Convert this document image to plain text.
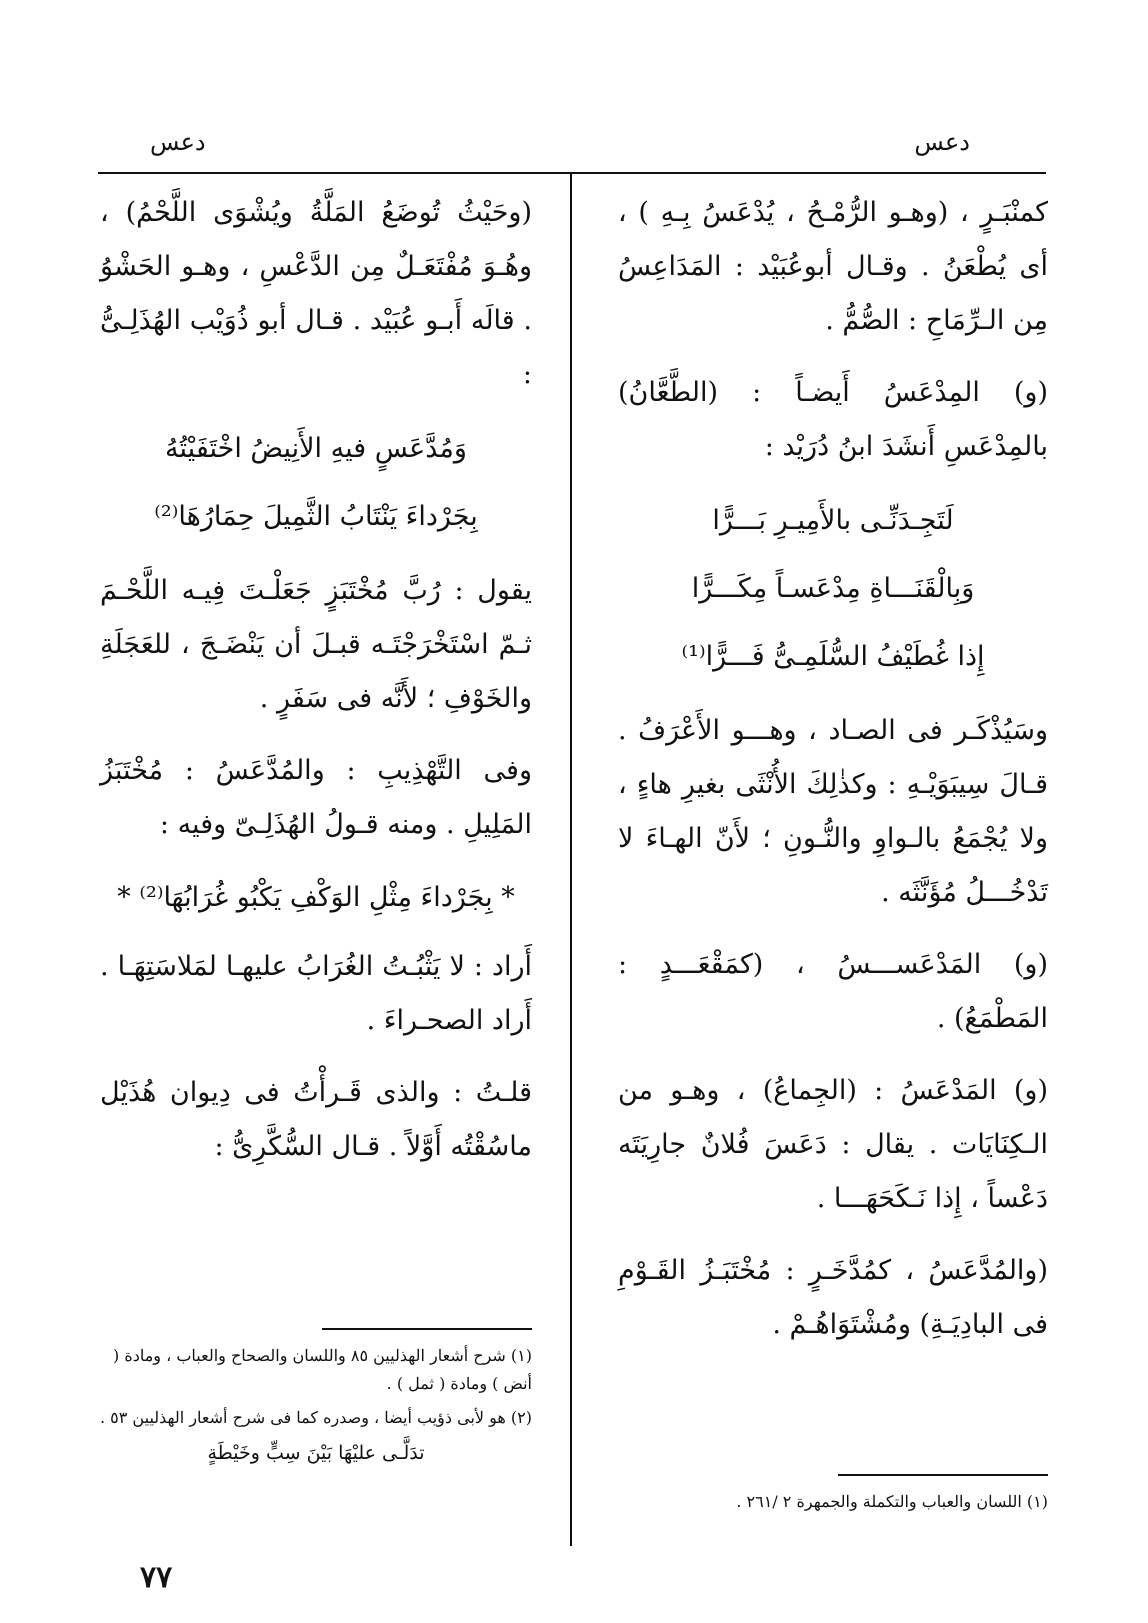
دعس
دعس

كمنْبَـرٍ ، (وهـو الرُّمْـحُ ، يُدْعَسُ بِـهِ ) ، أى يُطْعَنُ . وقـال أبوعُبَيْد : المَدَاعِسُ مِن الـرِّمَاحِ : الصُّمُّ .

(و) المِدْعَسُ أَيضـاً : (الطَّعَّانُ) بالمِدْعَسِ أَنشَدَ ابنُ دُرَيْد :

لَتَجِـدَنِّـى بالأَمِيـرِ بَـــرًّا
وَبِالْقَنَـــاةِ مِدْعَسـاً مِكَـــرًّا
إِذا غُطَيْفُ السُّلَمِـىُّ فَـــرًّا⁽¹⁾

وسَيُذْكَـر فى الصـاد ، وهـــو الأَعْرَفُ . قـالَ سِيبَوَيْـهِ : وكذٰلِكَ الأُنْثَى بغيرِ هاءٍ ، ولا يُجْمَعُ بالـواوِ والنُّـونِ ؛ لأَنّ الهـاءَ لا تَدْخُـــلُ مُؤَنَّثَه .

(و) المَدْعَســـسُ ، (كمَقْعَـــدٍ : المَطْمَعُ) .

(و) المَدْعَسُ : (الجِماعُ) ، وهـو من الـكِنَايَات . يقال : دَعَسَ فُلانٌ جارِيَتَه دَعْساً ، إِذا نَـكَحَهَـــا .

(والمُدَّعَسُ ، كمُدَّخَـرٍ : مُخْتَبَـزُ القَـوْمِ فى البادِيَـةِ) ومُشْتَوَاهُـمْ .

(١) اللسان والعباب والتكملة والجمهرة ٢ /٢٦١ .

(وحَيْثُ تُوضَعُ المَلَّةُ ويُشْوَى اللَّحْمُ) ، وهُـوَ مُفْتَعَـلٌ مِن الدَّعْسِ ، وهـو الحَشْوُ . قالَه أَبـو عُبَيْد . قـال أبو ذُوَيْب الهُذَلِـىُّ :

وَمُدَّعَسٍ فيهِ الأَنِيضُ اخْتَفَيْتُهُ
بِجَرْداءَ يَنْتَابُ الثَّمِيلَ حِمَارُهَا⁽²⁾

يقول : رُبَّ مُخْتَبَزٍ جَعَلْـتَ فِيـه اللَّحْـمَ ثـمّ اسْتَخْرَجْتَـه قبـلَ أن يَنْضَـجَ ، للعَجَلَةِ والخَوْفِ ؛ لأَنَّه فى سَفَرٍ .

وفى التَّهْذِيبِ : والمُدَّعَسُ : مُخْتَبَزُ المَلِيلِ . ومنه قـولُ الهُذَلِـىّ وفيه :

* بِجَرْداءَ مِثْلِ الوَكْفِ يَكْبُو غُرَابُهَا⁽²⁾ *

أَراد : لا يَثْبُـتُ الغُرَابُ عليهـا لمَلاسَتِهَـا . أَراد الصحـراءَ .

قلـتُ : والذى قَـرأْتُ فى دِيوان هُذَيْل ماسُقْتُه أَوَّلاً . قـال السُّكَّرِىُّ :

(١) شرح أشعار الهذليين ٨٥ واللسان والصحاح والعباب ، ومادة ( أنض ) ومادة ( ثمل ) .

(٢) هو لأبى ذؤيب أيضا ، وصدره كما فى شرح أشعار الهذليين ٥٣ .

تدَلَّـى عليْهَا بَيْنَ سِبٍّ وخَيْطَةٍ
٧٧
